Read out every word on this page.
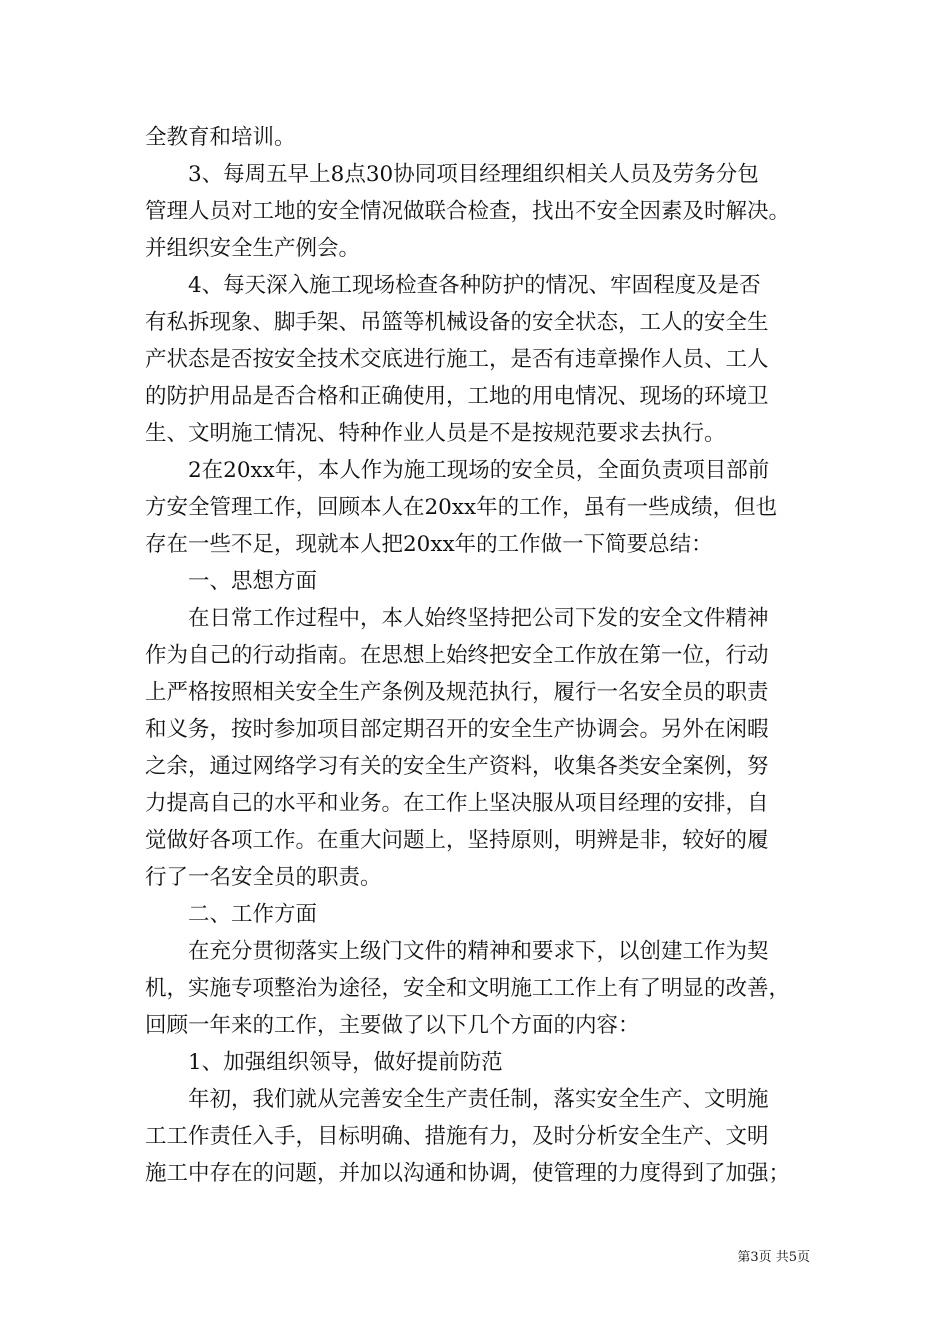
全教育和培训。
3、每周五早上8点30协同项目经理组织相关人员及劳务分包
管理人员对工地的安全情况做联合检查，找出不安全因素及时解决。
并组织安全生产例会。
4、每天深入施工现场检查各种防护的情况、牢固程度及是否
有私拆现象、脚手架、吊篮等机械设备的安全状态，工人的安全生
产状态是否按安全技术交底进行施工，是否有违章操作人员、工人
的防护用品是否合格和正确使用，工地的用电情况、现场的环境卫
生、文明施工情况、特种作业人员是不是按规范要求去执行。
2在20xx年，本人作为施工现场的安全员，全面负责项目部前
方安全管理工作，回顾本人在20xx年的工作，虽有一些成绩，但也
存在一些不足，现就本人把20xx年的工作做一下简要总结：
一、思想方面
在日常工作过程中，本人始终坚持把公司下发的安全文件精神
作为自己的行动指南。在思想上始终把安全工作放在第一位，行动
上严格按照相关安全生产条例及规范执行，履行一名安全员的职责
和义务，按时参加项目部定期召开的安全生产协调会。另外在闲暇
之余，通过网络学习有关的安全生产资料，收集各类安全案例，努
力提高自己的水平和业务。在工作上坚决服从项目经理的安排，自
觉做好各项工作。在重大问题上，坚持原则，明辨是非，较好的履
行了一名安全员的职责。
二、工作方面
在充分贯彻落实上级门文件的精神和要求下，以创建工作为契
机，实施专项整治为途径，安全和文明施工工作上有了明显的改善，
回顾一年来的工作，主要做了以下几个方面的内容：
1、加强组织领导，做好提前防范
年初，我们就从完善安全生产责任制，落实安全生产、文明施
工工作责任入手，目标明确、措施有力，及时分析安全生产、文明
施工中存在的问题，并加以沟通和协调，使管理的力度得到了加强；
第3页 共5页
